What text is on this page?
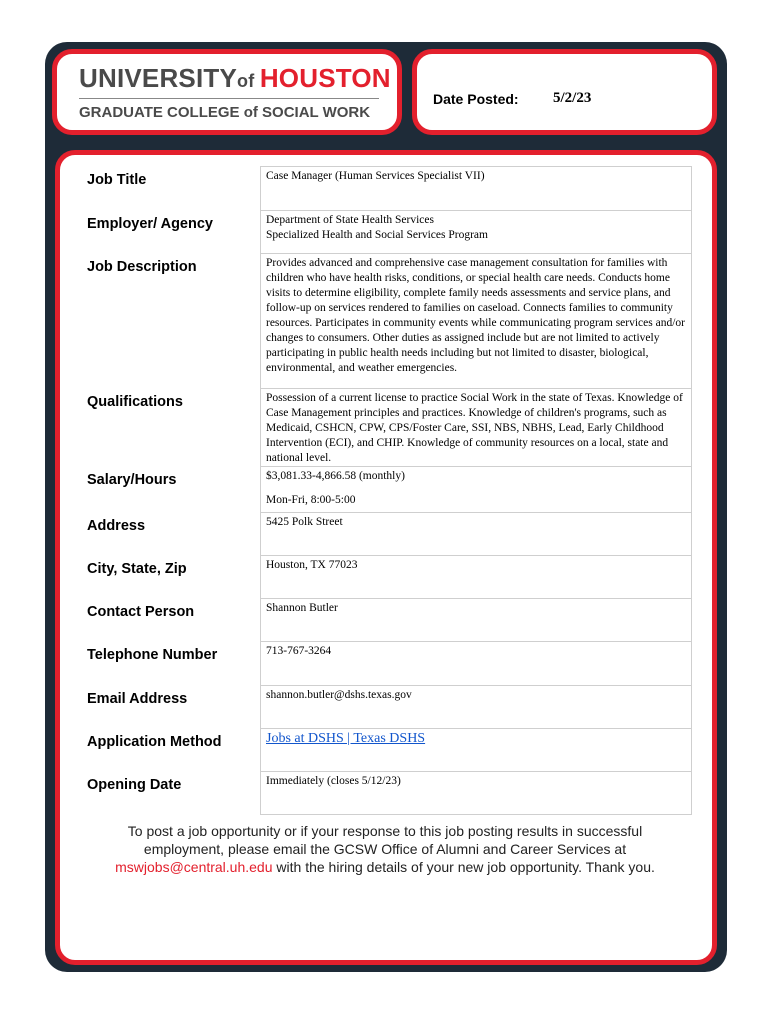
UNIVERSITYof  HOUSTON
GRADUATE COLLEGE of SOCIAL WORK
Date Posted: 5/2/23
Job Title	Case Manager (Human Services Specialist VII)
Employer/ Agency	Department of State Health Services
Specialized Health and Social Services Program

Job Description	Provides advanced and comprehensive case management consultation for families with children who have health risks, conditions, or special health care needs. Conducts home visits to determine eligibility, complete family needs assessments and service plans, and follow-up on services rendered to families on caseload. Connects families to community resources. Participates in community events while communicating program services and/or changes to consumers. Other duties as assigned include but are not limited to actively participating in public health needs including but not limited to disaster, biological, environmental, and weather emergencies.
Qualifications	Possession of a current license to practice Social Work in the state of Texas. Knowledge of Case Management principles and practices. Knowledge of children's programs, such as Medicaid, CSHCN, CPW, CPS/Foster Care, SSI, NBS, NBHS, Lead, Early Childhood Intervention (ECI), and CHIP. Knowledge of community resources on a local, state and national level.
Salary/Hours	$3,081.33-4,866.58 (monthly)
Mon-Fri, 8:00-5:00

Address	5425 Polk Street
City, State, Zip	Houston, TX 77023
Contact Person	Shannon Butler
Telephone Number	713-767-3264
Email Address	shannon.butler@dshs.texas.gov
Application Method	Jobs at DSHS | Texas DSHS
Opening Date	Immediately (closes 5/12/23)
To post a job opportunity or if your response to this job posting results in successful employment, please email the GCSW Office of Alumni and Career Services at mswjobs@central.uh.edu with the hiring details of your new job opportunity. Thank you.
